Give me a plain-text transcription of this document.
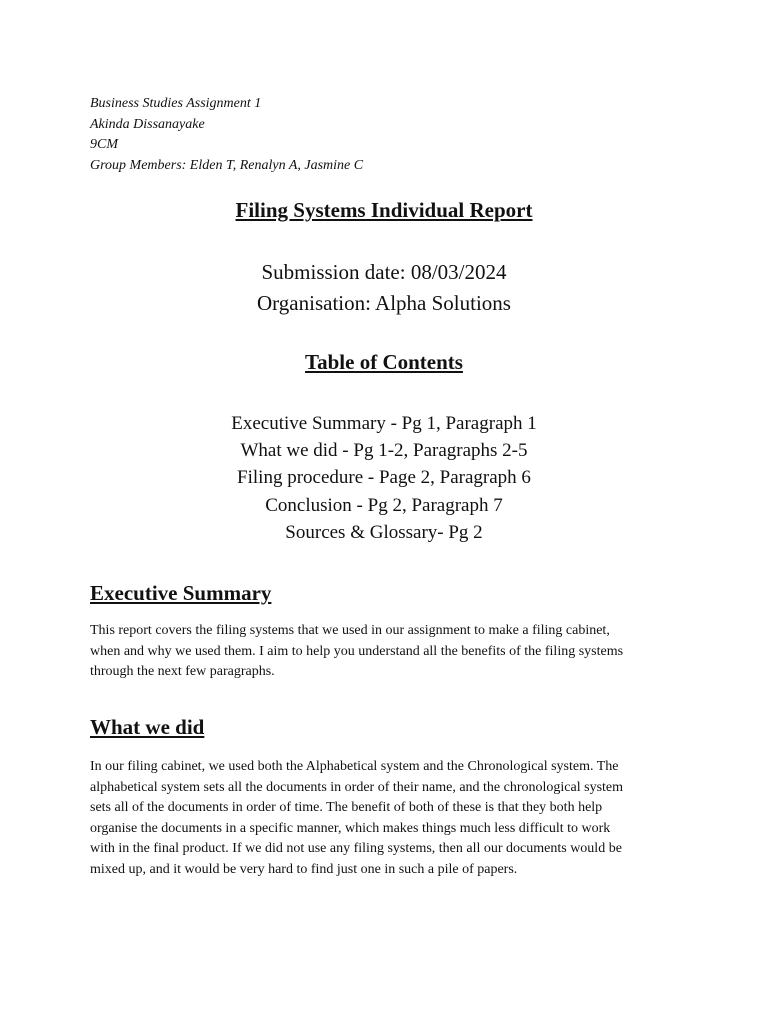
Business Studies Assignment 1
Akinda Dissanayake
9CM
Group Members: Elden T, Renalyn A, Jasmine C
Filing Systems Individual Report
Submission date: 08/03/2024
Organisation: Alpha Solutions
Table of Contents
Executive Summary - Pg 1, Paragraph 1
What we did - Pg 1-2, Paragraphs 2-5
Filing procedure - Page 2, Paragraph 6
Conclusion - Pg 2, Paragraph 7
Sources & Glossary- Pg 2
Executive Summary
This report covers the filing systems that we used in our assignment to make a filing cabinet,
when and why we used them. I aim to help you understand all the benefits of the filing systems
through the next few paragraphs.
What we did
In our filing cabinet, we used both the Alphabetical system and the Chronological system. The
alphabetical system sets all the documents in order of their name, and the chronological system
sets all of the documents in order of time. The benefit of both of these is that they both help
organise the documents in a specific manner, which makes things much less difficult to work
with in the final product. If we did not use any filing systems, then all our documents would be
mixed up, and it would be very hard to find just one in such a pile of papers.
